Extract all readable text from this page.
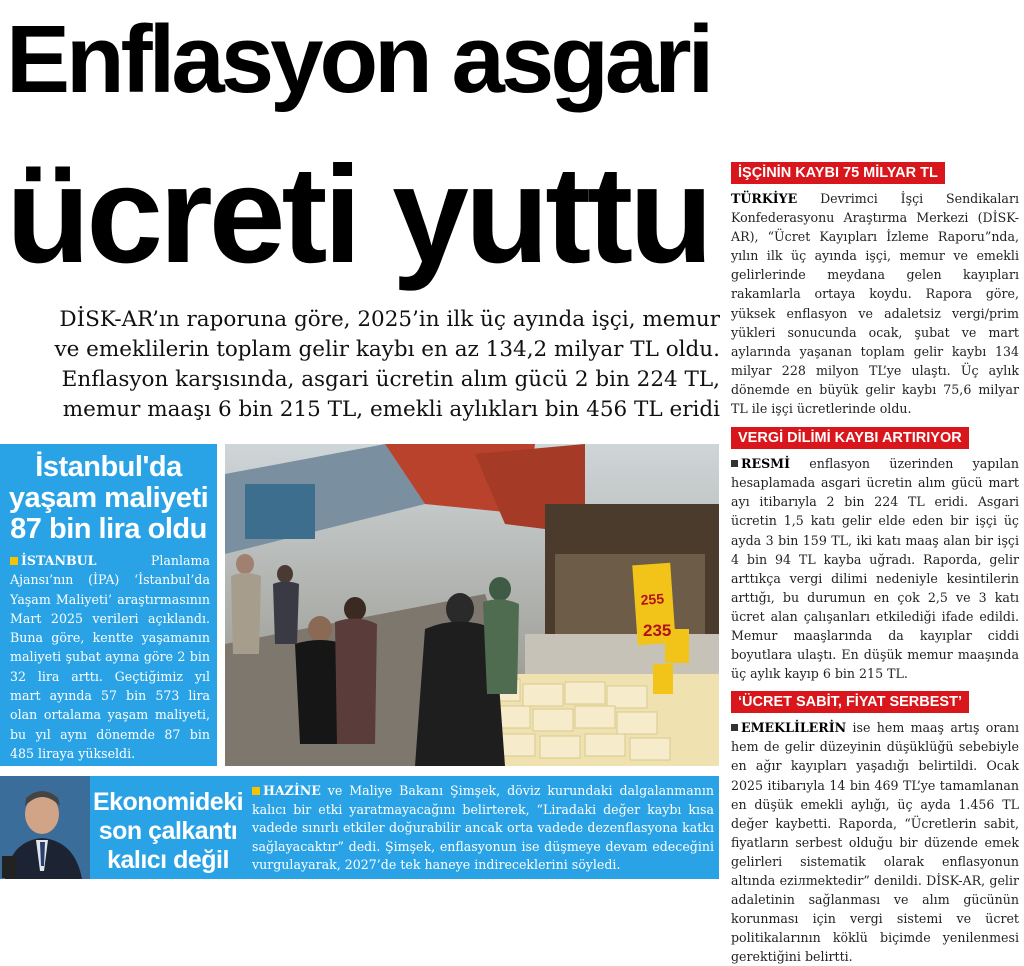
Enflasyon asgari
ücreti yuttu
DİSK-AR’ın raporuna göre, 2025’in ilk üç ayında işçi, memur
ve emeklilerin toplam gelir kaybı en az 134,2 milyar TL oldu.
Enflasyon karşısında, asgari ücretin alım gücü 2 bin 224 TL,
memur maaşı 6 bin 215 TL, emekli aylıkları bin 456 TL eridi
İŞÇİNİN KAYBI 75 MİLYAR TL

TÜRKİYE Devrimci İşçi Sendikaları Konfederasyonu Araştırma Merkezi (DİSK-AR), “Ücret Kayıpları İzleme Raporu”nda, yılın ilk üç ayında işçi, memur ve emekli gelirlerinde meydana gelen kayıpları rakamlarla ortaya koydu. Rapora göre, yüksek enflasyon ve adaletsiz vergi/prim yükleri sonucunda ocak, şubat ve mart aylarında yaşanan toplam gelir kaybı 134 milyar 228 milyon TL’ye ulaştı. Üç aylık dönemde en büyük gelir kaybı 75,6 milyar TL ile işçi ücretlerinde oldu.

VERGİ DİLİMİ KAYBI ARTIRIYOR

RESMİ enflasyon üzerinden yapılan hesaplamada asgari ücretin alım gücü mart ayı itibarıyla 2 bin 224 TL eridi. Asgari ücretin 1,5 katı gelir elde eden bir işçi üç ayda 3 bin 159 TL, iki katı maaş alan bir işçi 4 bin 94 TL kayba uğradı. Raporda, gelir arttıkça vergi dilimi nedeniyle kesintilerin arttığı, bu durumun en çok 2,5 ve 3 katı ücret alan çalışanları etkilediği ifade edildi. Memur maaşlarında da kayıplar ciddi boyutlara ulaştı. En düşük memur maaşında üç aylık kayıp 6 bin 215 TL.

‘ÜCRET SABİT, FİYAT SERBEST’

EMEKLİLERİN ise hem maaş artış oranı hem de gelir düzeyinin düşüklüğü sebebiyle en ağır kayıpları yaşadığı belirtildi. Ocak 2025 itibarıyla 14 bin 469 TL’ye tamamlanan en düşük emekli aylığı, üç ayda 1.456 TL değer kaybetti. Raporda, “Ücretlerin sabit, fiyatların serbest olduğu bir düzende emek gelirleri sistematik olarak enflasyonun altında eziлmektedir” denildi. DİSK-AR, gelir adaletinin sağlanması ve alım gücünün korunması için vergi sistemi ve ücret politikalarının köklü biçimde yenilenmesi gerektiğini belirtti.

255
235
İstanbul'da
yaşam maliyeti
87 bin lira oldu
İSTANBUL Planlama Ajansı’nın (İPA) ‘İstanbul’da Yaşam Maliyeti’ araştırmasının Mart 2025 verileri açıklandı. Buna göre, kentte yaşamanın maliyeti şubat ayına göre 2 bin 32 lira arttı. Geçtiğimiz yıl mart ayında 57 bin 573 lira olan ortalama yaşam maliyeti, bu yıl aynı dönemde 87 bin 485 liraya yükseldi.
Ekonomideki
son çalkantı
kalıcı değil
HAZİNE ve Maliye Bakanı Şimşek, döviz kurundaki dalgalanmanın kalıcı bir etki yaratmayacağını belirterek, “Liradaki değer kaybı kısa vadede sınırlı etkiler doğurabilir ancak orta vadede dezenflasyona katkı sağlayacaktır” dedi. Şimşek, enflasyonun ise düşmeye devam edeceğini vurgulayarak, 2027’de tek haneye indireceklerini söyledi.
